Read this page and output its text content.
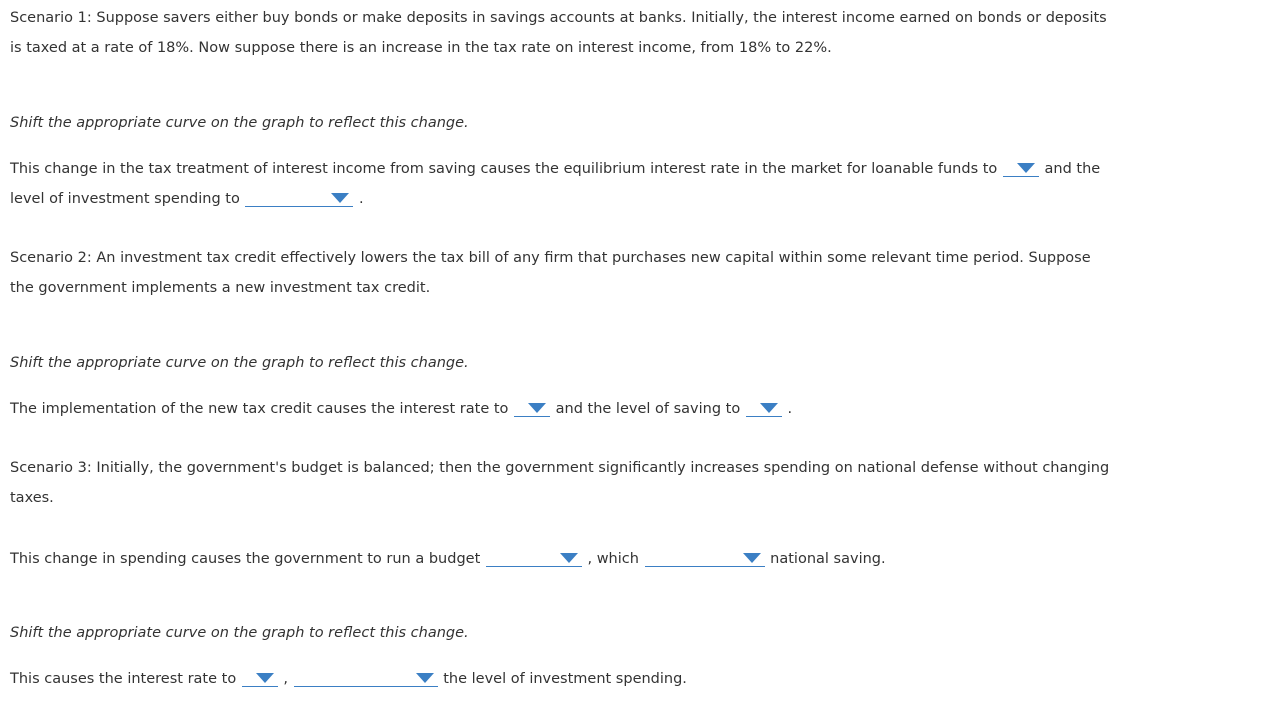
Scenario 1: Suppose savers either buy bonds or make deposits in savings accounts at banks. Initially, the interest income earned on bonds or deposits
is taxed at a rate of 18%. Now suppose there is an increase in the tax rate on interest income, from 18% to 22%.
Shift the appropriate curve on the graph to reflect this change.
This change in the tax treatment of interest income from saving causes the equilibrium interest rate in the market for loanable funds to	and the
level of investment spending to	.
Scenario 2: An investment tax credit effectively lowers the tax bill of any firm that purchases new capital within some relevant time period. Suppose
the government implements a new investment tax credit.
Shift the appropriate curve on the graph to reflect this change.
The implementation of the new tax credit causes the interest rate to	and the level of saving to	.
Scenario 3: Initially, the government's budget is balanced; then the government significantly increases spending on national defense without changing
taxes.
This change in spending causes the government to run a budget	, which	national saving.
Shift the appropriate curve on the graph to reflect this change.
This causes the interest rate to	,	the level of investment spending.
